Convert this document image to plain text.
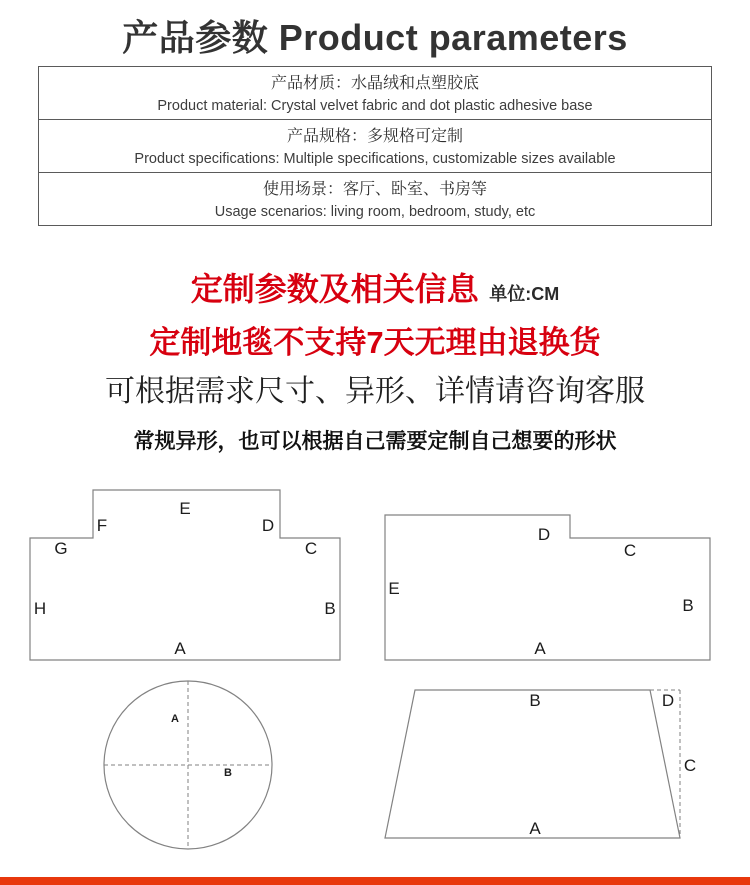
产品参数 Product parameters
产品材质：水晶绒和点塑胶底
Product material: Crystal velvet fabric and dot plastic adhesive base
产品规格：多规格可定制
Product specifications: Multiple specifications, customizable sizes available
使用场景：客厅、卧室、书房等
Usage scenarios: living room, bedroom, study, etc
定制参数及相关信息 单位:CM
定制地毯不支持7天无理由退换货
可根据需求尺寸、异形、详情请咨询客服
常规异形，也可以根据自己需要定制自己想要的形状
E
F
G
D
C
B
H
A
E
D
C
B
A
A
B
B	D
C
A
